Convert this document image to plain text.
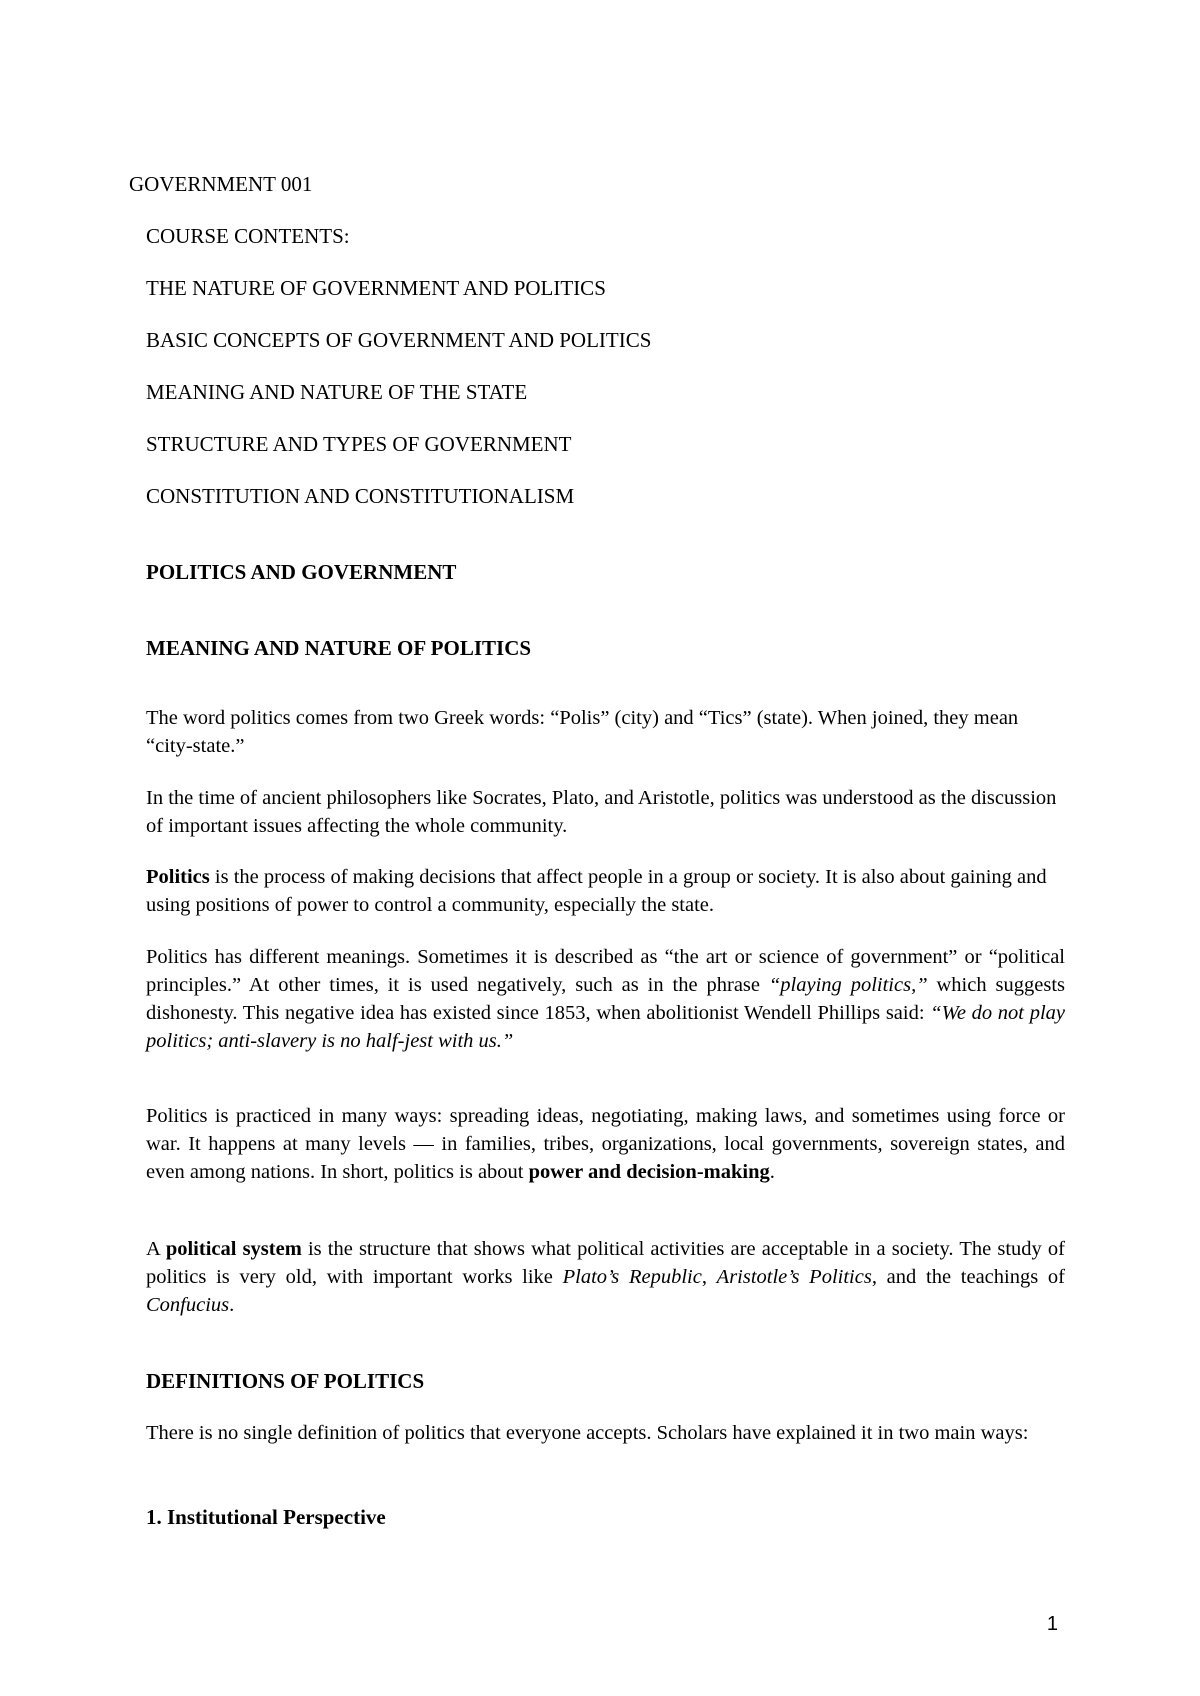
GOVERNMENT 001
COURSE CONTENTS:
THE NATURE OF GOVERNMENT AND POLITICS
BASIC CONCEPTS OF GOVERNMENT AND POLITICS
MEANING AND NATURE OF THE STATE
STRUCTURE AND TYPES OF GOVERNMENT
CONSTITUTION AND CONSTITUTIONALISM
POLITICS AND GOVERNMENT
MEANING AND NATURE OF POLITICS

The word politics comes from two Greek words: “Polis” (city) and “Tics” (state). When joined, they mean “city-state.”

In the time of ancient philosophers like Socrates, Plato, and Aristotle, politics was understood as the discussion of important issues affecting the whole community.

Politics is the process of making decisions that affect people in a group or society. It is also about gaining and using positions of power to control a community, especially the state.

Politics has different meanings. Sometimes it is described as “the art or science of government” or “political principles.” At other times, it is used negatively, such as in the phrase “playing politics,” which suggests dishonesty. This negative idea has existed since 1853, when abolitionist Wendell Phillips said: “We do not play politics; anti-slavery is no half-jest with us.”

Politics is practiced in many ways: spreading ideas, negotiating, making laws, and sometimes using force or war. It happens at many levels — in families, tribes, organizations, local governments, sovereign states, and even among nations. In short, politics is about power and decision-making.

A political system is the structure that shows what political activities are acceptable in a society. The study of politics is very old, with important works like Plato’s Republic, Aristotle’s Politics, and the teachings of Confucius.

DEFINITIONS OF POLITICS

There is no single definition of politics that everyone accepts. Scholars have explained it in two main ways:

1. Institutional Perspective
1
